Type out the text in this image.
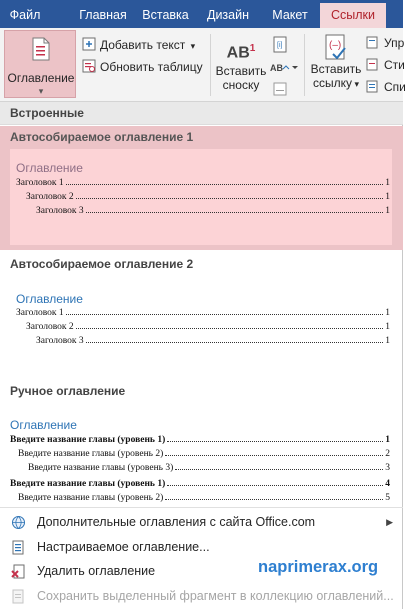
Файл	Главная	Вставка	Дизайн	Макет	Ссылки
Оглавление
▾
Добавить текст ▾
Обновить таблицу
$AB^1$
Вставить
сноску
[i]
AB
(–)
Вставить
ссылку ▾
Упр
Сти
Спи
Встроенные
Автособираемое оглавление 1
Оглавление
Заголовок 1	1
Заголовок 2	1
Заголовок 3	1
Автособираемое оглавление 2
Оглавление
Заголовок 1	1
Заголовок 2	1
Заголовок 3	1
Ручное оглавление
Оглавление
Введите название главы (уровень 1)	1
Введите название главы (уровень 2)	2
Введите название главы (уровень 3)	3
Введите название главы (уровень 1)	4
Введите название главы (уровень 2)	5
Дополнительные оглавления с сайта Office.com	▶
Настраиваемое оглавление...
Удалить оглавление
Сохранить выделенный фрагмент в коллекцию оглавлений...
naprimerax.org
